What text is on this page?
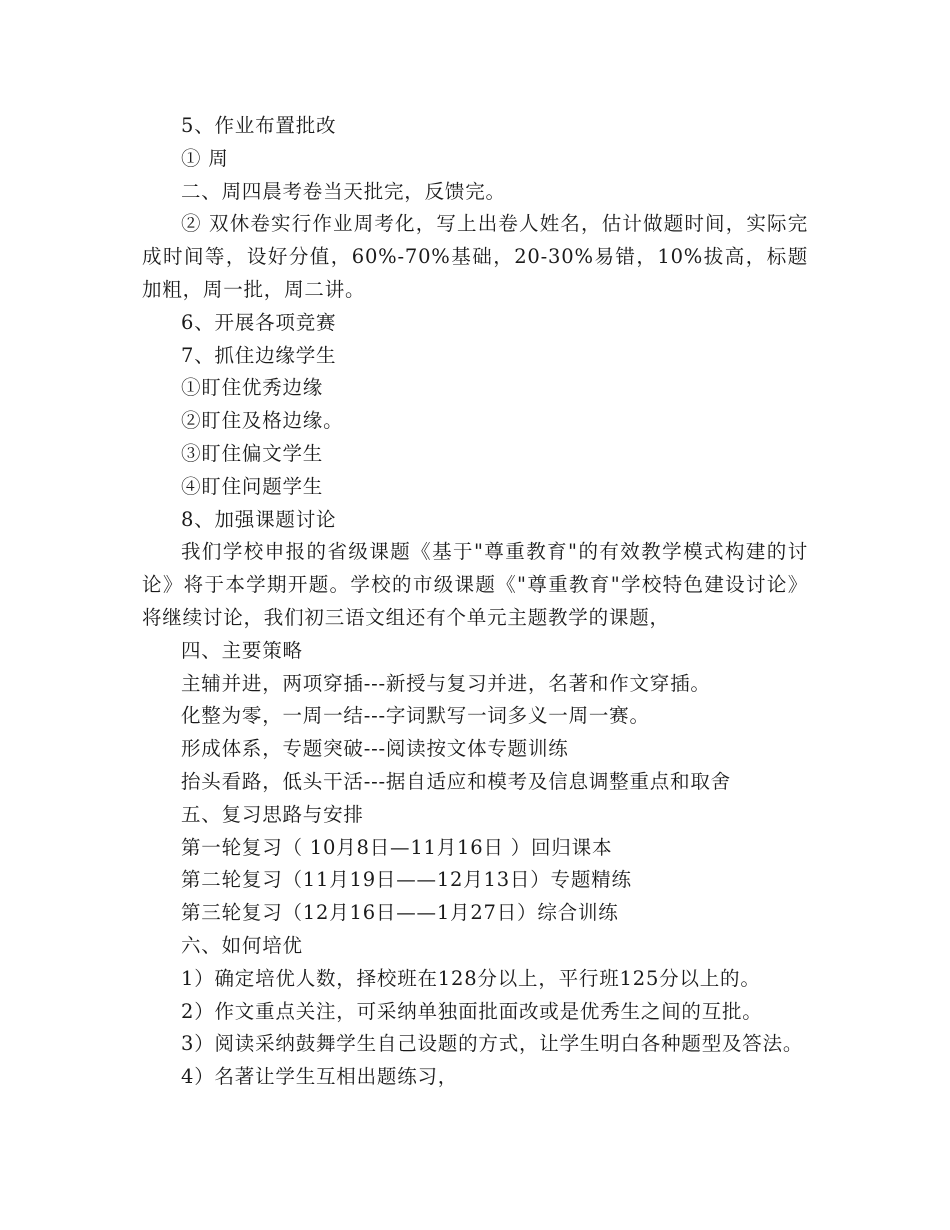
5、作业布置批改

① 周

二、周四晨考卷当天批完，反馈完。

② 双休卷实行作业周考化，写上出卷人姓名，估计做题时间，实际完成时间等，设好分值，60%-70%基础，20-30%易错，10%拔高，标题加粗，周一批，周二讲。

6、开展各项竞赛

7、抓住边缘学生

①盯住优秀边缘

②盯住及格边缘。

③盯住偏文学生

④盯住问题学生

8、加强课题讨论

我们学校申报的省级课题《基于"尊重教育"的有效教学模式构建的讨论》将于本学期开题。学校的市级课题《"尊重教育"学校特色建设讨论》将继续讨论，我们初三语文组还有个单元主题教学的课题，

四、主要策略

主辅并进，两项穿插---新授与复习并进，名著和作文穿插。

化整为零，一周一结---字词默写一词多义一周一赛。

形成体系，专题突破---阅读按文体专题训练

抬头看路，低头干活---据自适应和模考及信息调整重点和取舍

五、复习思路与安排

第一轮复习（ 10月8日—11月16日 ）回归课本

第二轮复习（11月19日——12月13日）专题精练

第三轮复习（12月16日——1月27日）综合训练

六、如何培优

1）确定培优人数，择校班在128分以上，平行班125分以上的。

2）作文重点关注，可采纳单独面批面改或是优秀生之间的互批。

3）阅读采纳鼓舞学生自己设题的方式，让学生明白各种题型及答法。

4）名著让学生互相出题练习，
